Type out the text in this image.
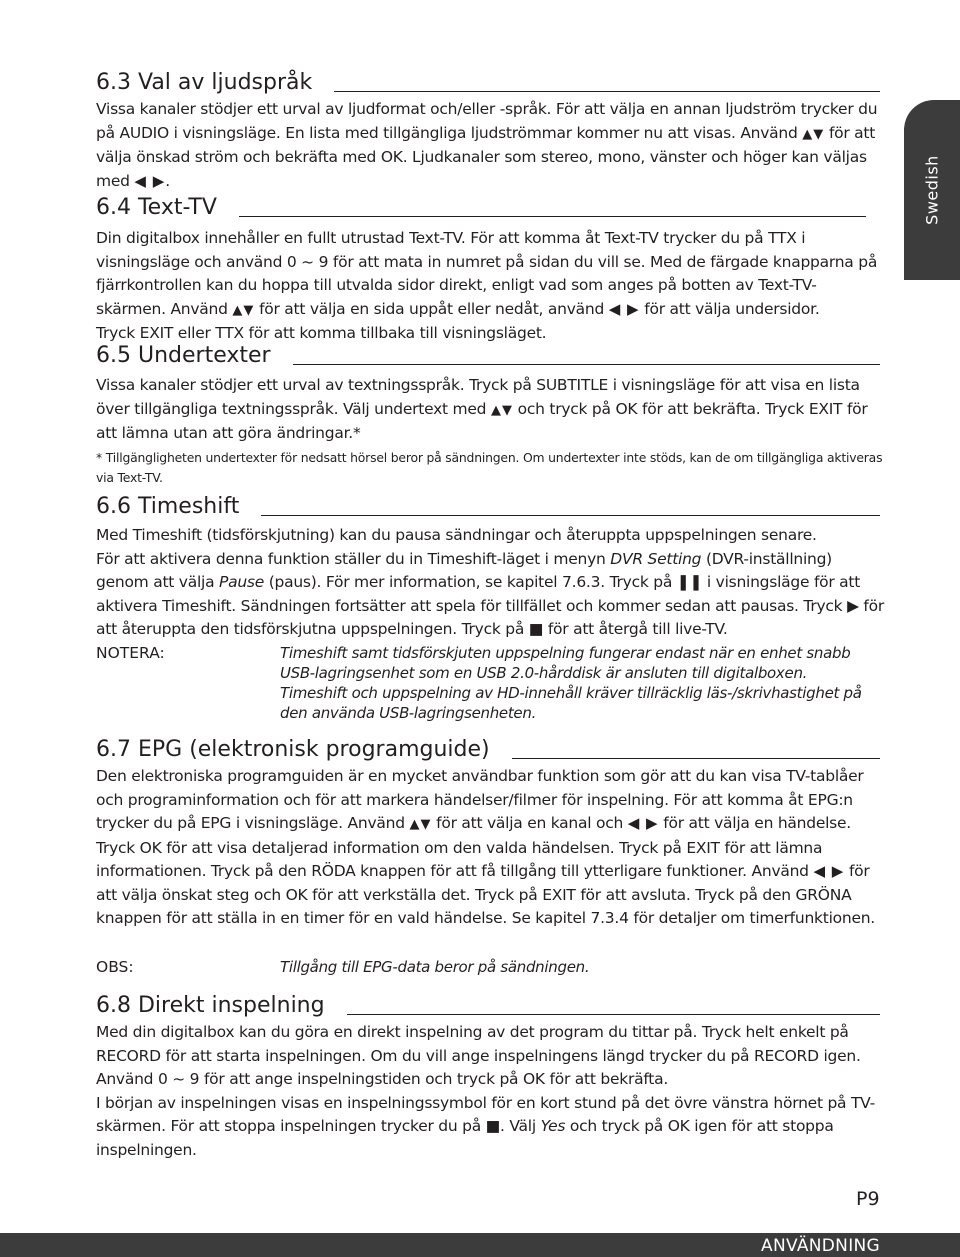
Swedish
6.3 Val av ljudspråk
Vissa kanaler stödjer ett urval av ljudformat och/eller -språk. För att välja en annan ljudström trycker du på AUDIO i visningsläge. En lista med tillgängliga ljudströmmar kommer nu att visas. Använd ▲▼ för att välja önskad ström och bekräfta med OK. Ljudkanaler som stereo, mono, vänster och höger kan väljas med ◀ ▶.
6.4 Text-TV
Din digitalbox innehåller en fullt utrustad Text-TV. För att komma åt Text-TV trycker du på TTX i visningsläge och använd 0 ~ 9 för att mata in numret på sidan du vill se. Med de färgade knapparna på fjärrkontrollen kan du hoppa till utvalda sidor direkt, enligt vad som anges på botten av Text-TV-skärmen. Använd ▲▼ för att välja en sida uppåt eller nedåt, använd ◀ ▶ för att välja undersidor.
Tryck EXIT eller TTX för att komma tillbaka till visningsläget.
6.5 Undertexter
Vissa kanaler stödjer ett urval av textningsspråk. Tryck på SUBTITLE i visningsläge för att visa en lista över tillgängliga textningsspråk. Välj undertext med ▲▼ och tryck på OK för att bekräfta. Tryck EXIT för att lämna utan att göra ändringar.*
* Tillgängligheten undertexter för nedsatt hörsel beror på sändningen. Om undertexter inte stöds, kan de om tillgängliga aktiveras via Text-TV.
6.6 Timeshift
Med Timeshift (tidsförskjutning) kan du pausa sändningar och återuppta uppspelningen senare.
För att aktivera denna funktion ställer du in Timeshift-läget i menyn DVR Setting (DVR-inställning) genom att välja Pause (paus). För mer information, se kapitel 7.6.3. Tryck på ❚❚ i visningsläge för att aktivera Timeshift. Sändningen fortsätter att spela för tillfället och kommer sedan att pausas. Tryck ▶ för att återuppta den tidsförskjutna uppspelningen. Tryck på ■ för att återgå till live-TV.
NOTERA:	Timeshift samt tidsförskjuten uppspelning fungerar endast när en enhet snabb USB-lagringsenhet som en USB 2.0-hårddisk är ansluten till digitalboxen.
Timeshift och uppspelning av HD-innehåll kräver tillräcklig läs-/skrivhastighet på den använda USB-lagringsenheten.
6.7 EPG (elektronisk programguide)
Den elektroniska programguiden är en mycket användbar funktion som gör att du kan visa TV-tablåer och programinformation och för att markera händelser/filmer för inspelning. För att komma åt EPG:n trycker du på EPG i visningsläge. Använd ▲▼ för att välja en kanal och ◀ ▶ för att välja en händelse. Tryck OK för att visa detaljerad information om den valda händelsen. Tryck på EXIT för att lämna informationen. Tryck på den RÖDA knappen för att få tillgång till ytterligare funktioner. Använd ◀ ▶ för att välja önskat steg och OK för att verkställa det. Tryck på EXIT för att avsluta. Tryck på den GRÖNA knappen för att ställa in en timer för en vald händelse. Se kapitel 7.3.4 för detaljer om timerfunktionen.
OBS:	Tillgång till EPG-data beror på sändningen.
6.8 Direkt inspelning
Med din digitalbox kan du göra en direkt inspelning av det program du tittar på. Tryck helt enkelt på RECORD för att starta inspelningen. Om du vill ange inspelningens längd trycker du på RECORD igen. Använd 0 ~ 9 för att ange inspelningstiden och tryck på OK för att bekräfta.
I början av inspelningen visas en inspelningssymbol för en kort stund på det övre vänstra hörnet på TV-skärmen. För att stoppa inspelningen trycker du på ■. Välj Yes och tryck på OK igen för att stoppa inspelningen.
P9
ANVÄNDNING
